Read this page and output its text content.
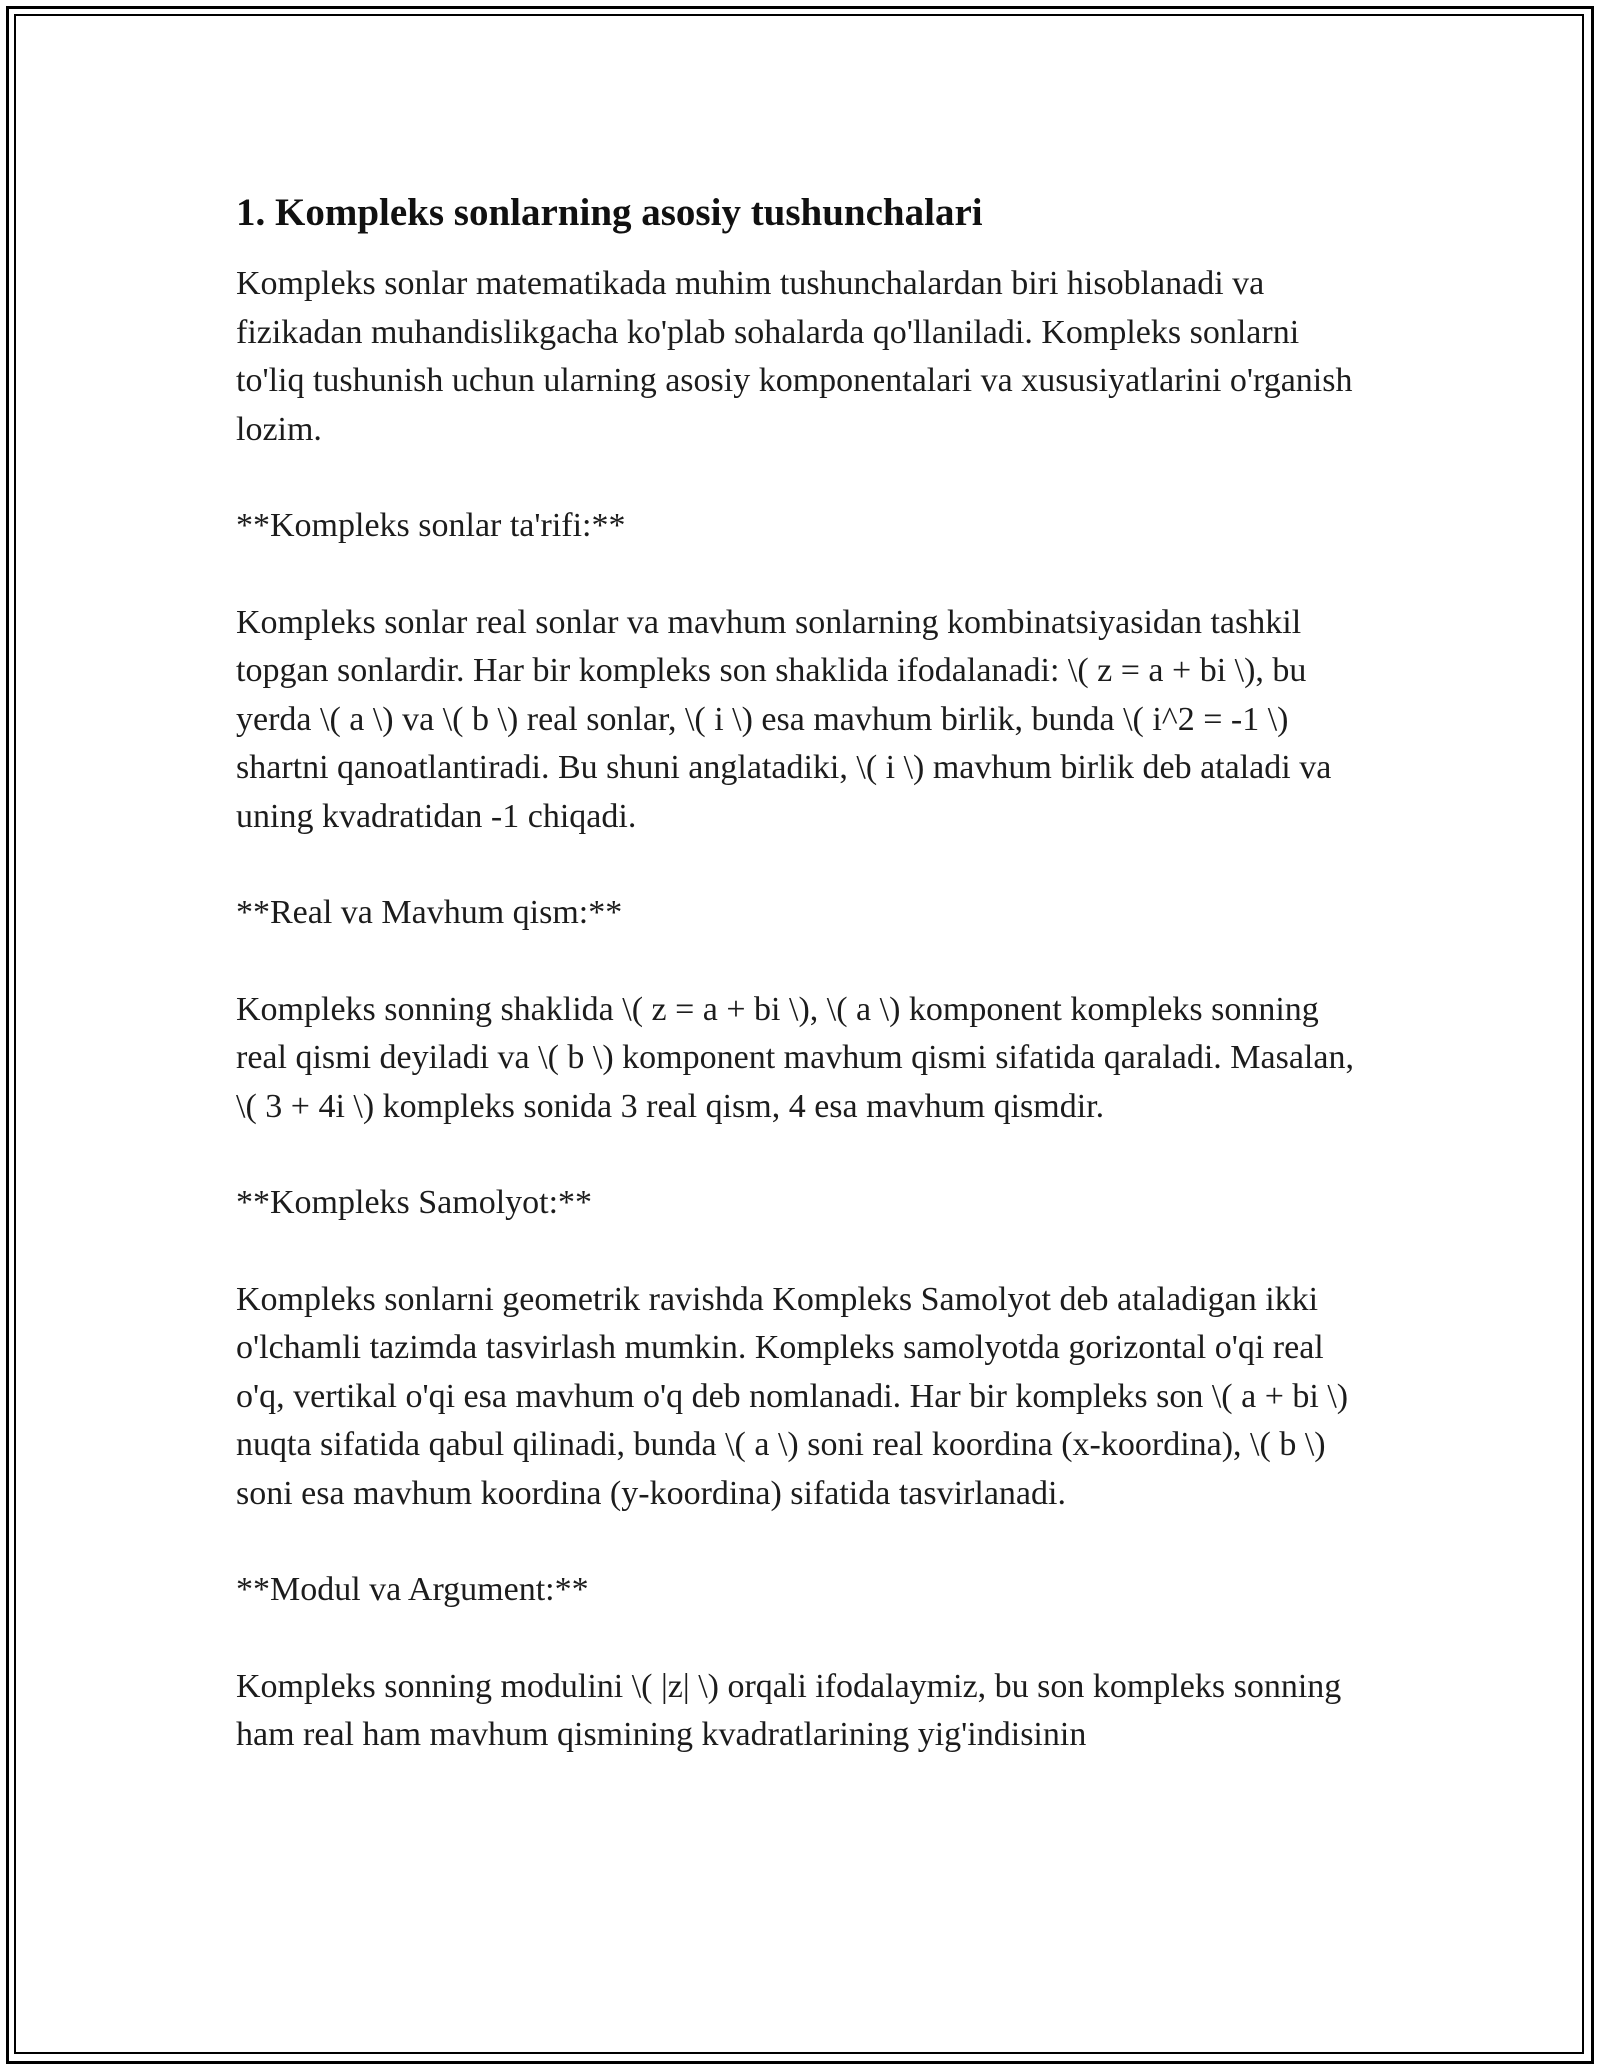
1. Kompleks sonlarning asosiy tushunchalari

Kompleks sonlar matematikada muhim tushunchalardan biri hisoblanadi va fizikadan muhandislikgacha ko'plab sohalarda qo'llaniladi. Kompleks sonlarni to'liq tushunish uchun ularning asosiy komponentalari va xususiyatlarini o'rganish lozim.

**Kompleks sonlar ta'rifi:**

Kompleks sonlar real sonlar va mavhum sonlarning kombinatsiyasidan tashkil topgan sonlardir. Har bir kompleks son shaklida ifodalanadi: \( z = a + bi \), bu yerda \( a \) va \( b \) real sonlar, \( i \) esa mavhum birlik, bunda \( i^2 = -1 \) shartni qanoatlantiradi. Bu shuni anglatadiki, \( i \) mavhum birlik deb ataladi va uning kvadratidan -1 chiqadi.

**Real va Mavhum qism:**

Kompleks sonning shaklida \( z = a + bi \), \( a \) komponent kompleks sonning real qismi deyiladi va \( b \) komponent mavhum qismi sifatida qaraladi. Masalan, \( 3 + 4i \) kompleks sonida 3 real qism, 4 esa mavhum qismdir.

**Kompleks Samolyot:**

Kompleks sonlarni geometrik ravishda Kompleks Samolyot deb ataladigan ikki o'lchamli tazimda tasvirlash mumkin. Kompleks samolyotda gorizontal o'qi real o'q, vertikal o'qi esa mavhum o'q deb nomlanadi. Har bir kompleks son \( a + bi \) nuqta sifatida qabul qilinadi, bunda \( a \) soni real koordina (x-koordina), \( b \) soni esa mavhum koordina (y-koordina) sifatida tasvirlanadi.

**Modul va Argument:**

Kompleks sonning modulini \( |z| \) orqali ifodalaymiz, bu son kompleks sonning ham real ham mavhum qismining kvadratlarining yig'indisinin
